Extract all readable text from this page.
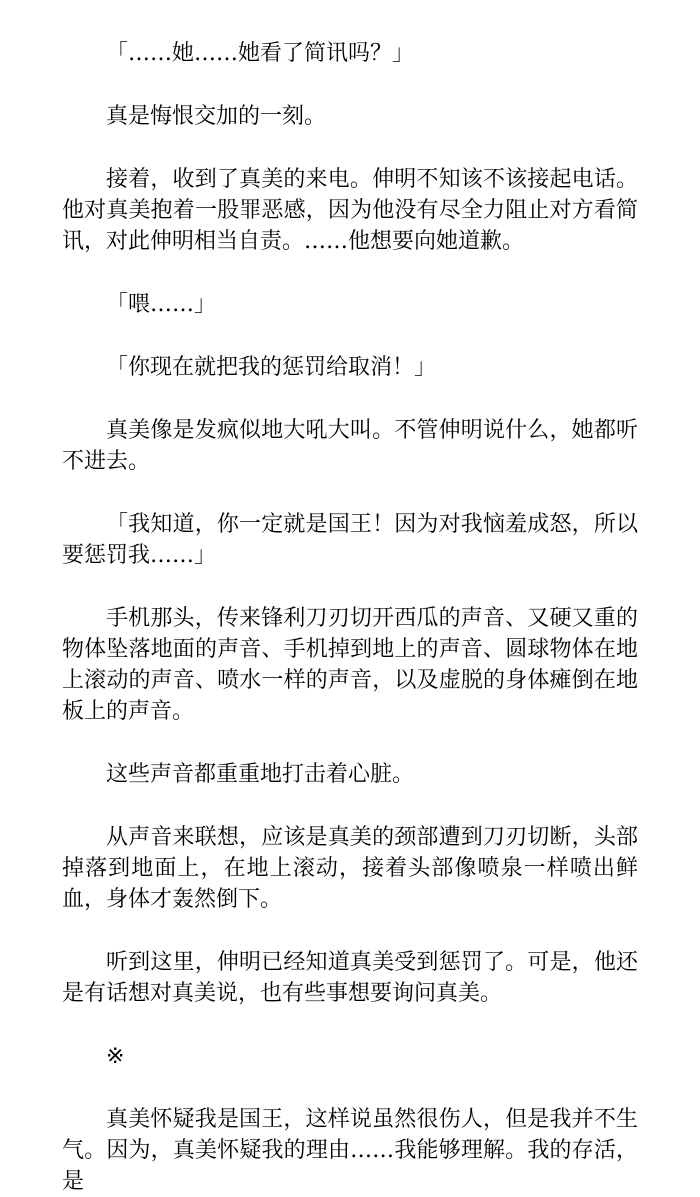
「……她……她看了简讯吗？」

真是悔恨交加的一刻。

接着，收到了真美的来电。伸明不知该不该接起电话。他对真美抱着一股罪恶感，因为他没有尽全力阻止对方看简讯，对此伸明相当自责。……他想要向她道歉。

「喂……」

「你现在就把我的惩罚给取消！」

真美像是发疯似地大吼大叫。不管伸明说什么，她都听不进去。

「我知道，你一定就是国王！因为对我恼羞成怒，所以要惩罚我……」

手机那头，传来锋利刀刃切开西瓜的声音、又硬又重的物体坠落地面的声音、手机掉到地上的声音、圆球物体在地上滚动的声音、喷水一样的声音，以及虚脱的身体瘫倒在地板上的声音。

这些声音都重重地打击着心脏。

从声音来联想，应该是真美的颈部遭到刀刃切断，头部掉落到地面上，在地上滚动，接着头部像喷泉一样喷出鲜血，身体才轰然倒下。

听到这里，伸明已经知道真美受到惩罚了。可是，他还是有话想对真美说，也有些事想要询问真美。

※

真美怀疑我是国王，这样说虽然很伤人，但是我并不生气。因为，真美怀疑我的理由……我能够理解。我的存活，是
